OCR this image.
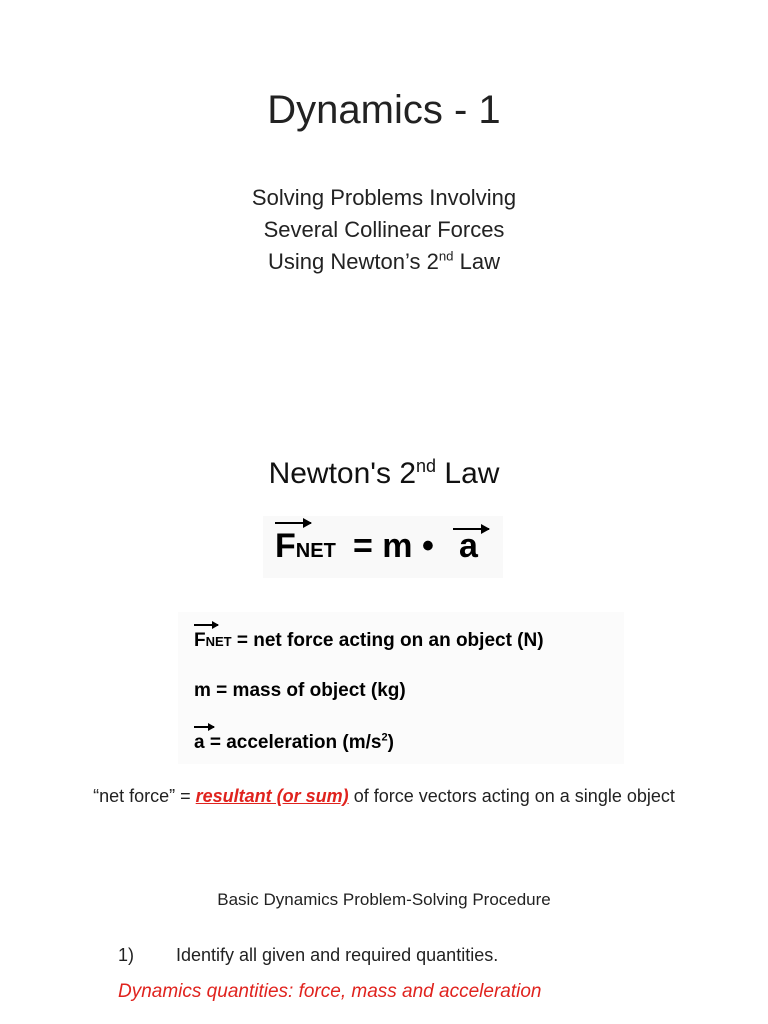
Dynamics - 1
Solving Problems Involving
Several Collinear Forces
Using Newton’s 2nd Law
Newton's 2nd Law
FNET = m • a
FNET = net force acting on an object (N)
m = mass of object (kg)
a = acceleration $(m/s^2)$
“net force” = resultant (or sum) of force vectors acting on a single object
Basic Dynamics Problem-Solving Procedure
1) Identify all given and required quantities.
Dynamics quantities: force, mass and acceleration
